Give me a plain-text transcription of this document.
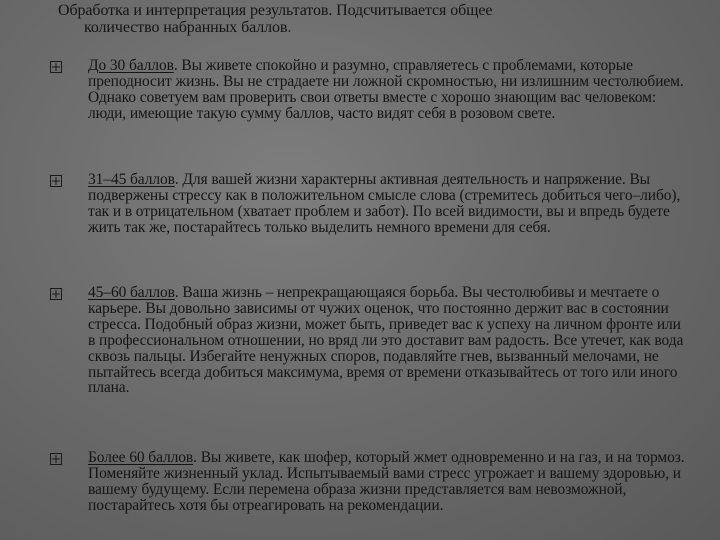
Обработка и интерпретация результатов. Подсчитывается общее
количество набранных баллов.
До 30 баллов. Вы живете спокойно и разумно, справляетесь с проблемами, которые преподносит жизнь. Вы не страдаете ни ложной скромностью, ни излишним честолюбием. Однако советуем вам проверить свои ответы вместе с хорошо знающим вас человеком: люди, имеющие такую сумму баллов, часто видят себя в розовом свете.
31–45 баллов. Для вашей жизни характерны активная деятельность и напряжение. Вы подвержены стрессу как в положительном смысле слова (стремитесь добиться чего–либо), так и в отрицательном (хватает проблем и забот). По всей видимости, вы и впредь будете жить так же, постарайтесь только выделить немного времени для себя.
45–60 баллов. Ваша жизнь – непрекращающаяся борьба. Вы честолюбивы и мечтаете о карьере. Вы довольно зависимы от чужих оценок, что постоянно держит вас в состоянии стресса. Подобный образ жизни, может быть, приведет вас к успеху на личном фронте или в профессиональном отношении, но вряд ли это доставит вам радость. Все утечет, как вода сквозь пальцы. Избегайте ненужных споров, подавляйте гнев, вызванный мелочами, не пытайтесь всегда добиться максимума, время от времени отказывайтесь от того или иного плана.
Более 60 баллов. Вы живете, как шофер, который жмет одновременно и на газ, и на тормоз. Поменяйте жизненный уклад. Испытываемый вами стресс угрожает и вашему здоровью, и вашему будущему. Если перемена образа жизни представляется вам невозможной, постарайтесь хотя бы отреагировать на рекомендации.
